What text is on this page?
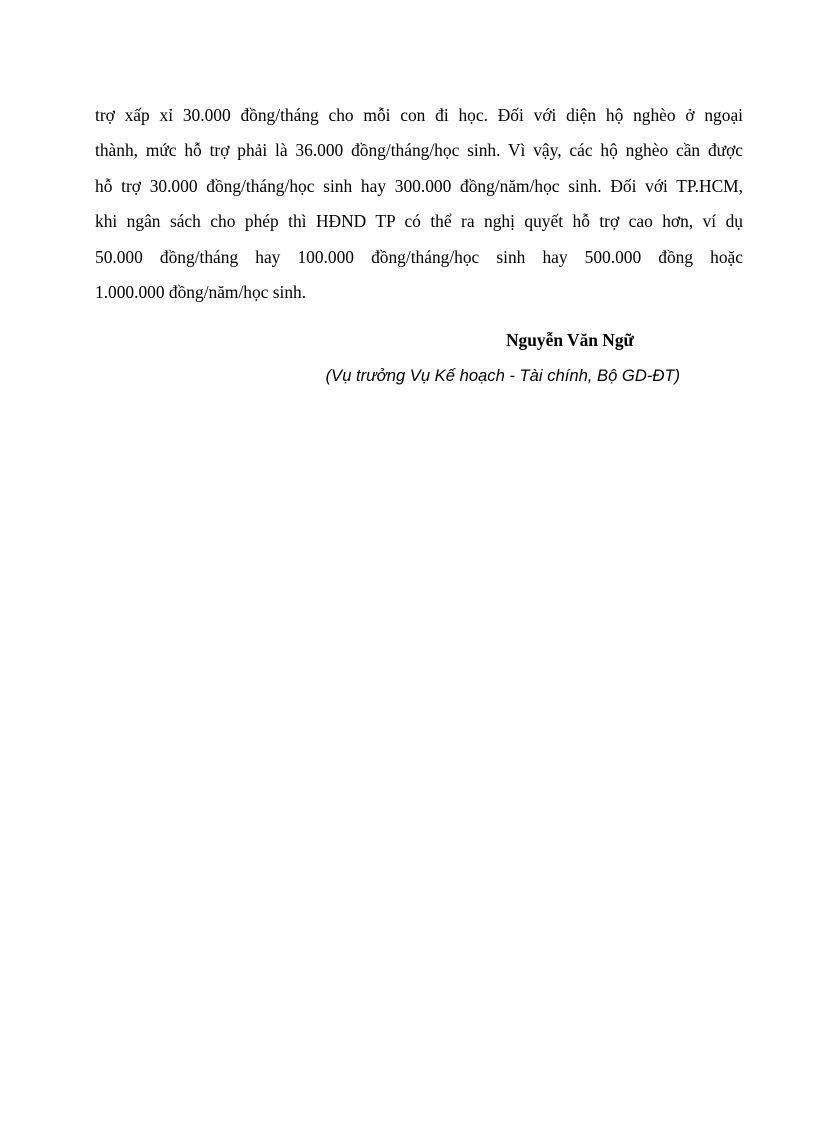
trợ xấp xỉ 30.000 đồng/tháng cho mỗi con đi học. Đối với diện hộ nghèo ở ngoại
thành, mức hỗ trợ phải là 36.000 đồng/tháng/học sinh. Vì vậy, các hộ nghèo cần được
hỗ trợ 30.000 đồng/tháng/học sinh hay 300.000 đồng/năm/học sinh. Đối với TP.HCM,
khi ngân sách cho phép thì HĐND TP có thể ra nghị quyết hỗ trợ cao hơn, ví dụ
50.000 đồng/tháng hay 100.000 đồng/tháng/học sinh hay 500.000 đồng hoặc
1.000.000 đồng/năm/học sinh.
Nguyễn Văn Ngữ
(Vụ trưởng Vụ Kế hoạch - Tài chính, Bộ GD-ĐT)
